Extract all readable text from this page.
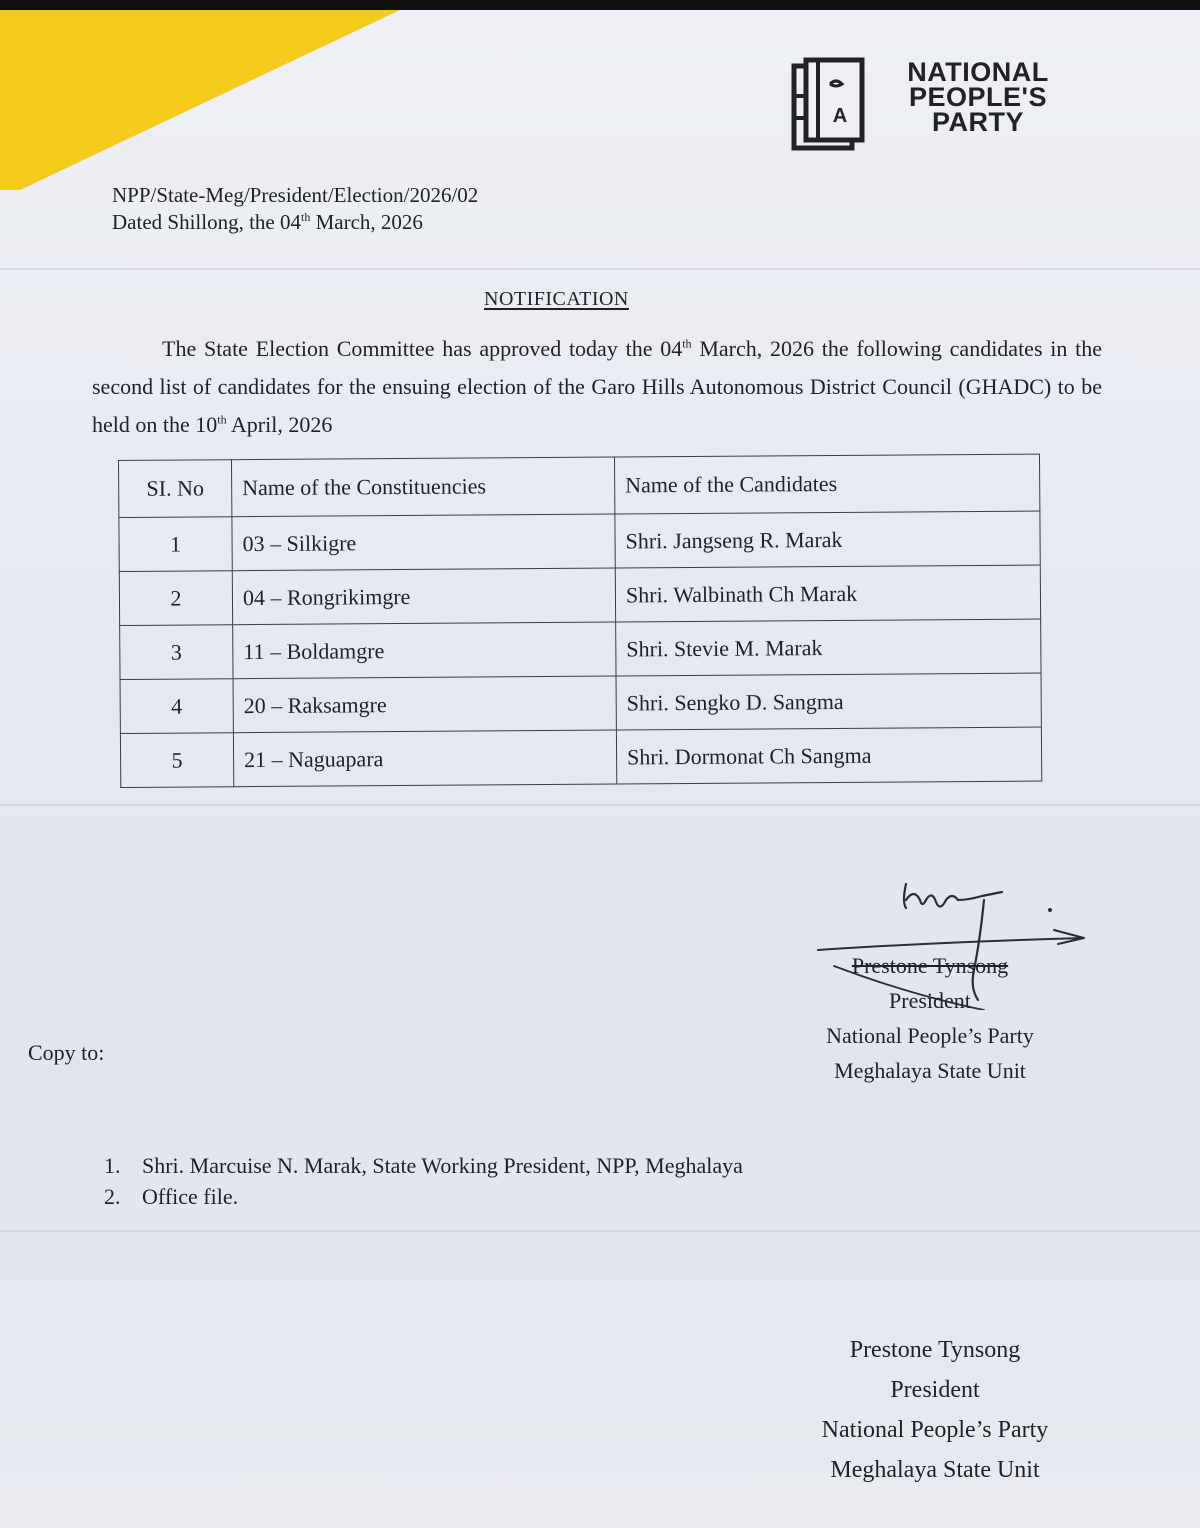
A
NATIONAL
PEOPLE'S
PARTY
NPP/State-Meg/President/Election/2026/02
Dated Shillong, the 04th March, 2026
NOTIFICATION
The State Election Committee has approved today the 04th March, 2026 the following candidates in the second list of candidates for the ensuing election of the Garo Hills Autonomous District Council (GHADC) to be held on the 10th April, 2026
SI. No	Name of the Constituencies	Name of the Candidates
1	03 – Silkigre	Shri. Jangseng R. Marak
2	04 – Rongrikimgre	Shri. Walbinath Ch Marak
3	11 – Boldamgre	Shri. Stevie M. Marak
4	20 – Raksamgre	Shri. Sengko D. Sangma
5	21 – Naguapara	Shri. Dormonat Ch Sangma
Prestone Tynsong
President
National People’s Party
Meghalaya State Unit
Copy to:
1. Shri. Marcuise N. Marak, State Working President, NPP, Meghalaya
2. Office file.
Prestone Tynsong
President
National People’s Party
Meghalaya State Unit
